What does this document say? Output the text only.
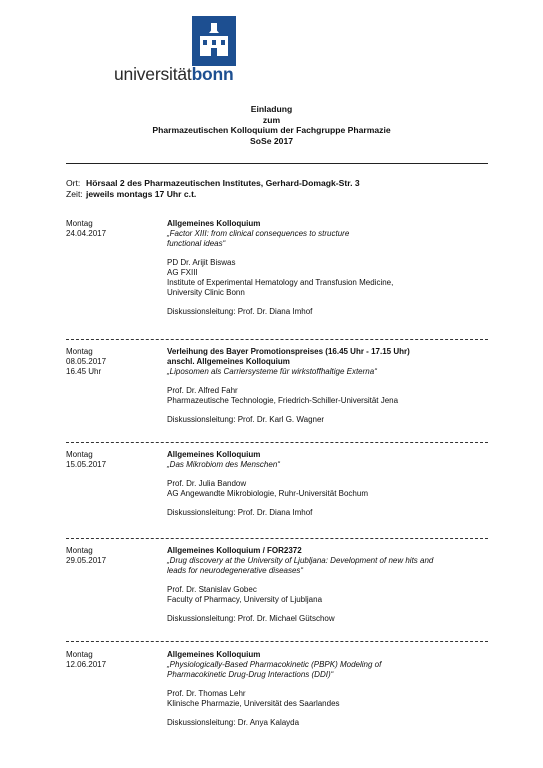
universitätbonn
Einladung
zum
Pharmazeutischen Kolloquium der Fachgruppe Pharmazie
SoSe 2017
Ort: Hörsaal 2 des Pharmazeutischen Institutes, Gerhard-Domagk-Str. 3
Zeit: jeweils montags 17 Uhr c.t.
Montag
24.04.2017
Allgemeines Kolloquium
„Factor XIII: from clinical consequences to structure
functional ideas“
PD Dr. Arijit Biswas
AG FXIII
Institute of Experimental Hematology and Transfusion Medicine,
University Clinic Bonn
Diskussionsleitung: Prof. Dr. Diana Imhof
Montag
08.05.2017
16.45 Uhr
Verleihung des Bayer Promotionspreises (16.45 Uhr - 17.15 Uhr)
anschl. Allgemeines Kolloquium
„Liposomen als Carriersysteme für wirkstoffhaltige Externa“
Prof. Dr. Alfred Fahr
Pharmazeutische Technologie, Friedrich-Schiller-Universität Jena
Diskussionsleitung: Prof. Dr. Karl G. Wagner
Montag
15.05.2017
Allgemeines Kolloquium
„Das Mikrobiom des Menschen“
Prof. Dr. Julia Bandow
AG Angewandte Mikrobiologie, Ruhr-Universität Bochum
Diskussionsleitung: Prof. Dr. Diana Imhof
Montag
29.05.2017
Allgemeines Kolloquium / FOR2372
„Drug discovery at the University of Ljubljana: Development of new hits and
leads for neurodegenerative diseases“
Prof. Dr. Stanislav Gobec
Faculty of Pharmacy, University of Ljubljana
Diskussionsleitung: Prof. Dr. Michael Gütschow
Montag
12.06.2017
Allgemeines Kolloquium
„Physiologically-Based Pharmacokinetic (PBPK) Modeling of
Pharmacokinetic Drug-Drug Interactions (DDI)“
Prof. Dr. Thomas Lehr
Klinische Pharmazie, Universität des Saarlandes
Diskussionsleitung: Dr. Anya Kalayda
